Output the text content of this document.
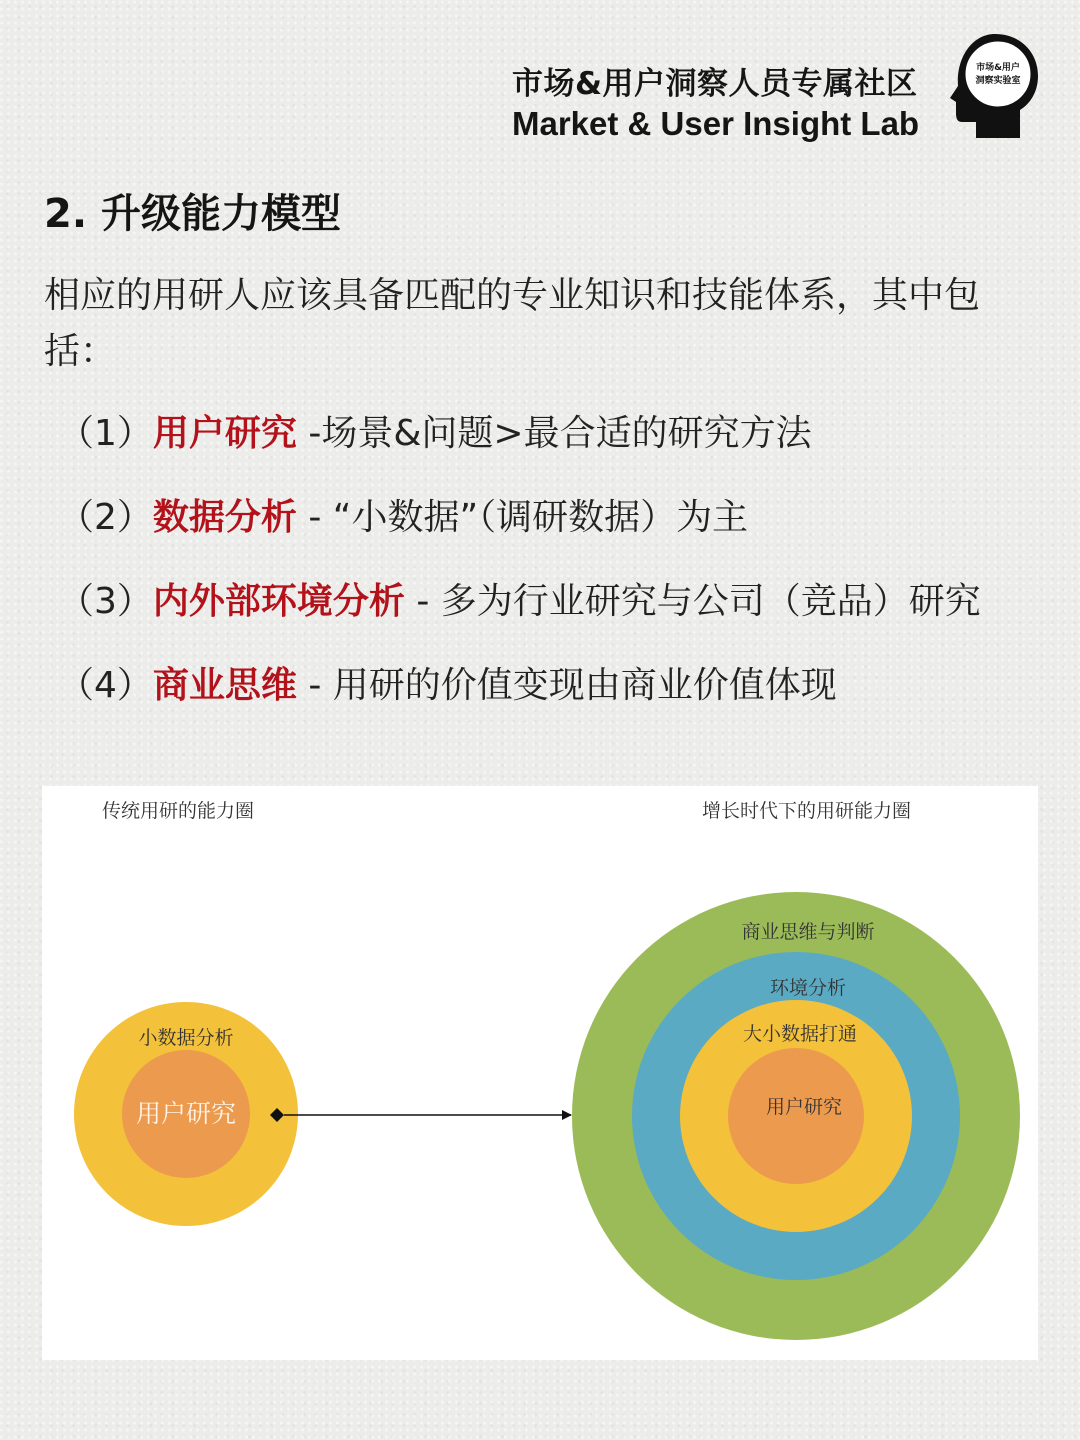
市场&用户洞察人员专属社区
Market & User Insight Lab
市场&用户
洞察实验室
2. 升级能力模型

相应的用研人应该具备匹配的专业知识和技能体系，其中包括：

（1）用户研究 -场景&问题>最合适的研究方法
（2）数据分析 - “小数据”（调研数据）为主
（3）内外部环境分析 - 多为行业研究与公司（竞品）研究
（4）商业思维 - 用研的价值变现由商业价值体现
传统用研的能力圈	增长时代下的用研能力圈
小数据分析
用户研究
商业思维与判断
环境分析
大小数据打通
用户研究
